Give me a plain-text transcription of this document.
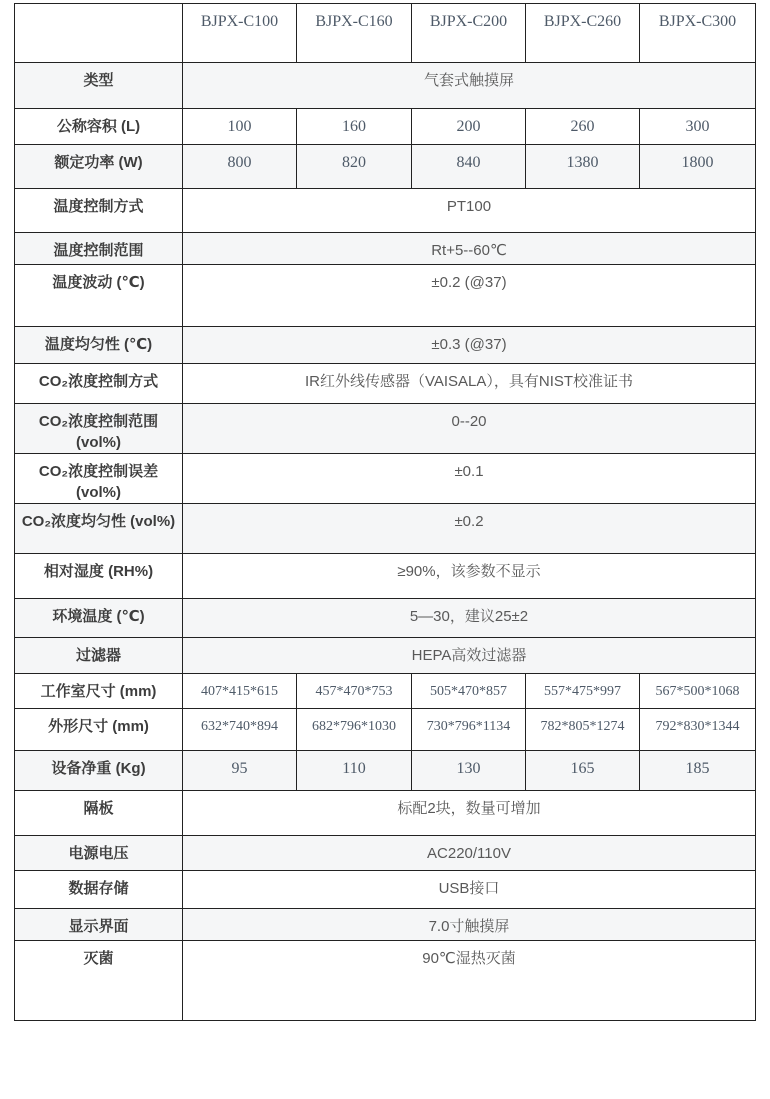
	BJPX-C100	BJPX-C160	BJPX-C200	BJPX-C260	BJPX-C300
类型	气套式触摸屏				
公称容积 (L)	100	160	200	260	300
额定功率 (W)	800	820	840	1380	1800
温度控制方式	PT100				
温度控制范围	Rt+5--60℃				
温度波动 (℃)	±0.2 (@37)				
温度均匀性 (℃)	±0.3 (@37)				
CO₂浓度控制方式	IR红外线传感器（VAISALA），具有NIST校准证书				
CO₂浓度控制范围 (vol%)	0--20				
CO₂浓度控制误差 (vol%)	±0.1				
CO₂浓度均匀性 (vol%)	±0.2				
相对湿度 (RH%)	≥90%，该参数不显示				
环境温度 (℃)	5—30，建议25±2				
过滤器	HEPA高效过滤器				
工作室尺寸 (mm)	407*415*615	457*470*753	505*470*857	557*475*997	567*500*1068
外形尺寸 (mm)	632*740*894	682*796*1030	730*796*1134	782*805*1274	792*830*1344
设备净重 (Kg)	95	110	130	165	185
隔板	标配2块，数量可增加				
电源电压	AC220/110V				
数据存储	USB接口				
显示界面	7.0寸触摸屏				
灭菌	90℃湿热灭菌				
